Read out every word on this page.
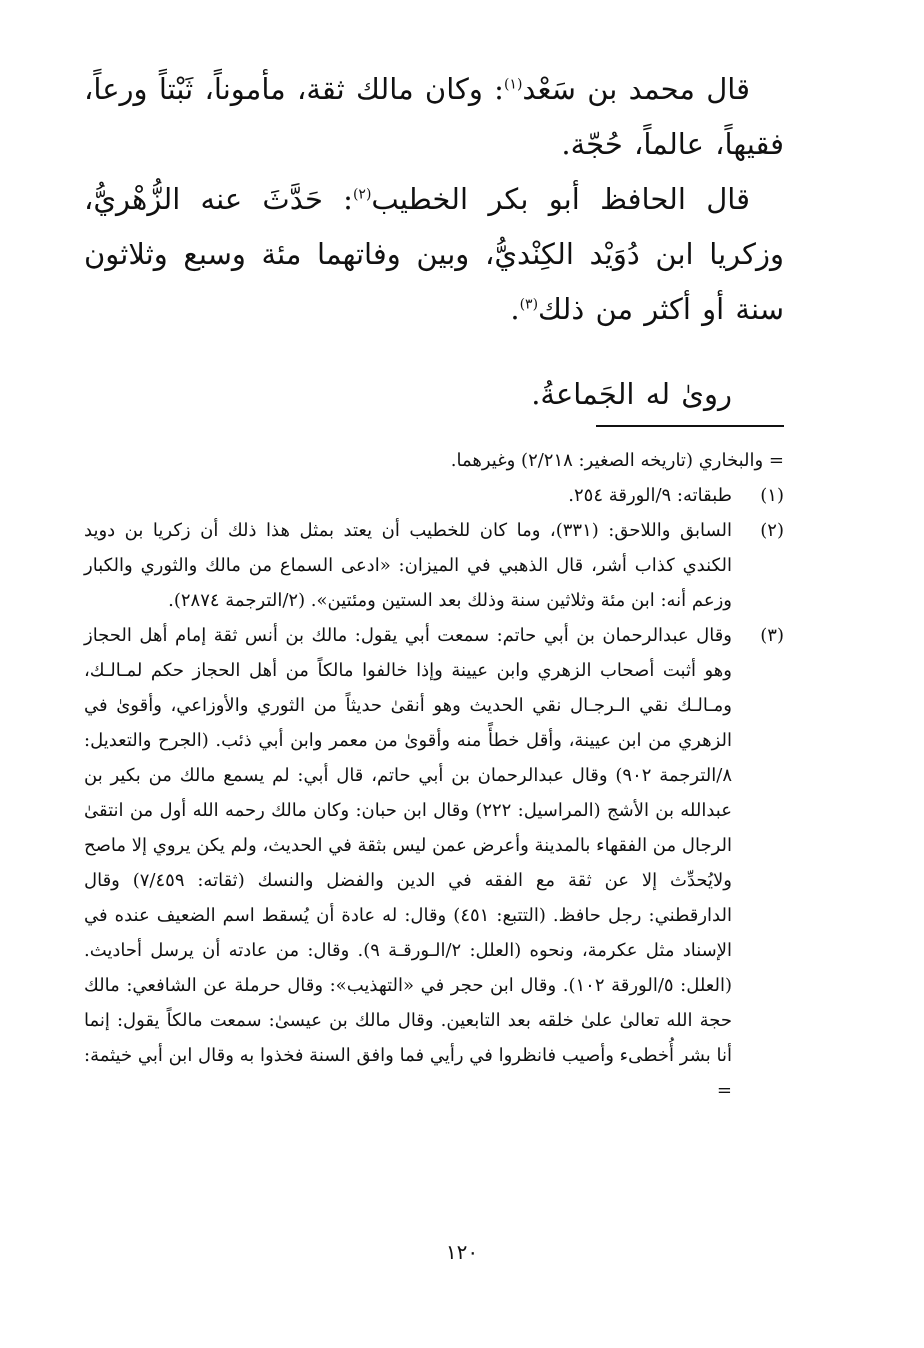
قال محمد بن سَعْد$^{(١)}$: وكان مالك ثقة، مأموناً، ثَبْتاً ورعاً، فقيهاً، عالماً، حُجّة.

قال الحافظ أبو بكر الخطيب$^{(٢)}$: حَدَّثَ عنه الزُّهْريُّ، وزكريا ابن دُوَيْد الكِنْديُّ، وبين وفاتهما مئة وسبع وثلاثون سنة أو أكثر من ذلك$^{(٣)}$.

روىٰ له الجَماعةُ.

= والبخاري (تاريخه الصغير: ٢/٢١٨) وغيرهما.

(١)
طبقاته: ٩/الورقة ٢٥٤.

(٢)
السابق واللاحق: (٣٣١)، وما كان للخطيب أن يعتد بمثل هذا ذلك أن زكريا بن دويد الكندي كذاب أشر، قال الذهبي في الميزان: «ادعى السماع من مالك والثوري والكبار وزعم أنه: ابن مئة وثلاثين سنة وذلك بعد الستين ومئتين». (٢/الترجمة ٢٨٧٤).

(٣)
وقال عبدالرحمان بن أبي حاتم: سمعت أبي يقول: مالك بن أنس ثقة إمام أهل الحجاز وهو أثبت أصحاب الزهري وابن عيينة وإذا خالفوا مالكاً من أهل الحجاز حكم لمـالـك، ومـالـك نقي الـرجـال نقي الحديث وهو أنقىٰ حديثاً من الثوري والأوزاعي، وأقوىٰ في الزهري من ابن عيينة، وأقل خطأً منه وأقوىٰ من معمر وابن أبي ذئب. (الجرح والتعديل: ٨/الترجمة ٩٠٢) وقال عبدالرحمان بن أبي حاتم، قال أبي: لم يسمع مالك من بكير بن عبدالله بن الأشج (المراسيل: ٢٢٢) وقال ابن حبان: وكان مالك رحمه الله أول من انتقىٰ الرجال من الفقهاء بالمدينة وأعرض عمن ليس بثقة في الحديث، ولم يكن يروي إلا ماصح ولايُحدِّث إلا عن ثقة مع الفقه في الدين والفضل والنسك (ثقاته: ٧/٤٥٩) وقال الدارقطني: رجل حافظ. (التتبع: ٤٥١) وقال: له عادة أن يُسقط اسم الضعيف عنده في الإسناد مثل عكرمة، ونحوه (العلل: ٢/الـورقـة ٩). وقال: من عادته أن يرسل أحاديث. (العلل: ٥/الورقة ١٠٢). وقال ابن حجر في «التهذيب»: وقال حرملة عن الشافعي: مالك حجة الله تعالىٰ علىٰ خلقه بعد التابعين. وقال مالك بن عيسىٰ: سمعت مالكاً يقول: إنما أنا بشر أُخطىء وأصيب فانظروا في رأيي فما وافق السنة فخذوا به وقال ابن أبي خيثمة: =

١٢٠
